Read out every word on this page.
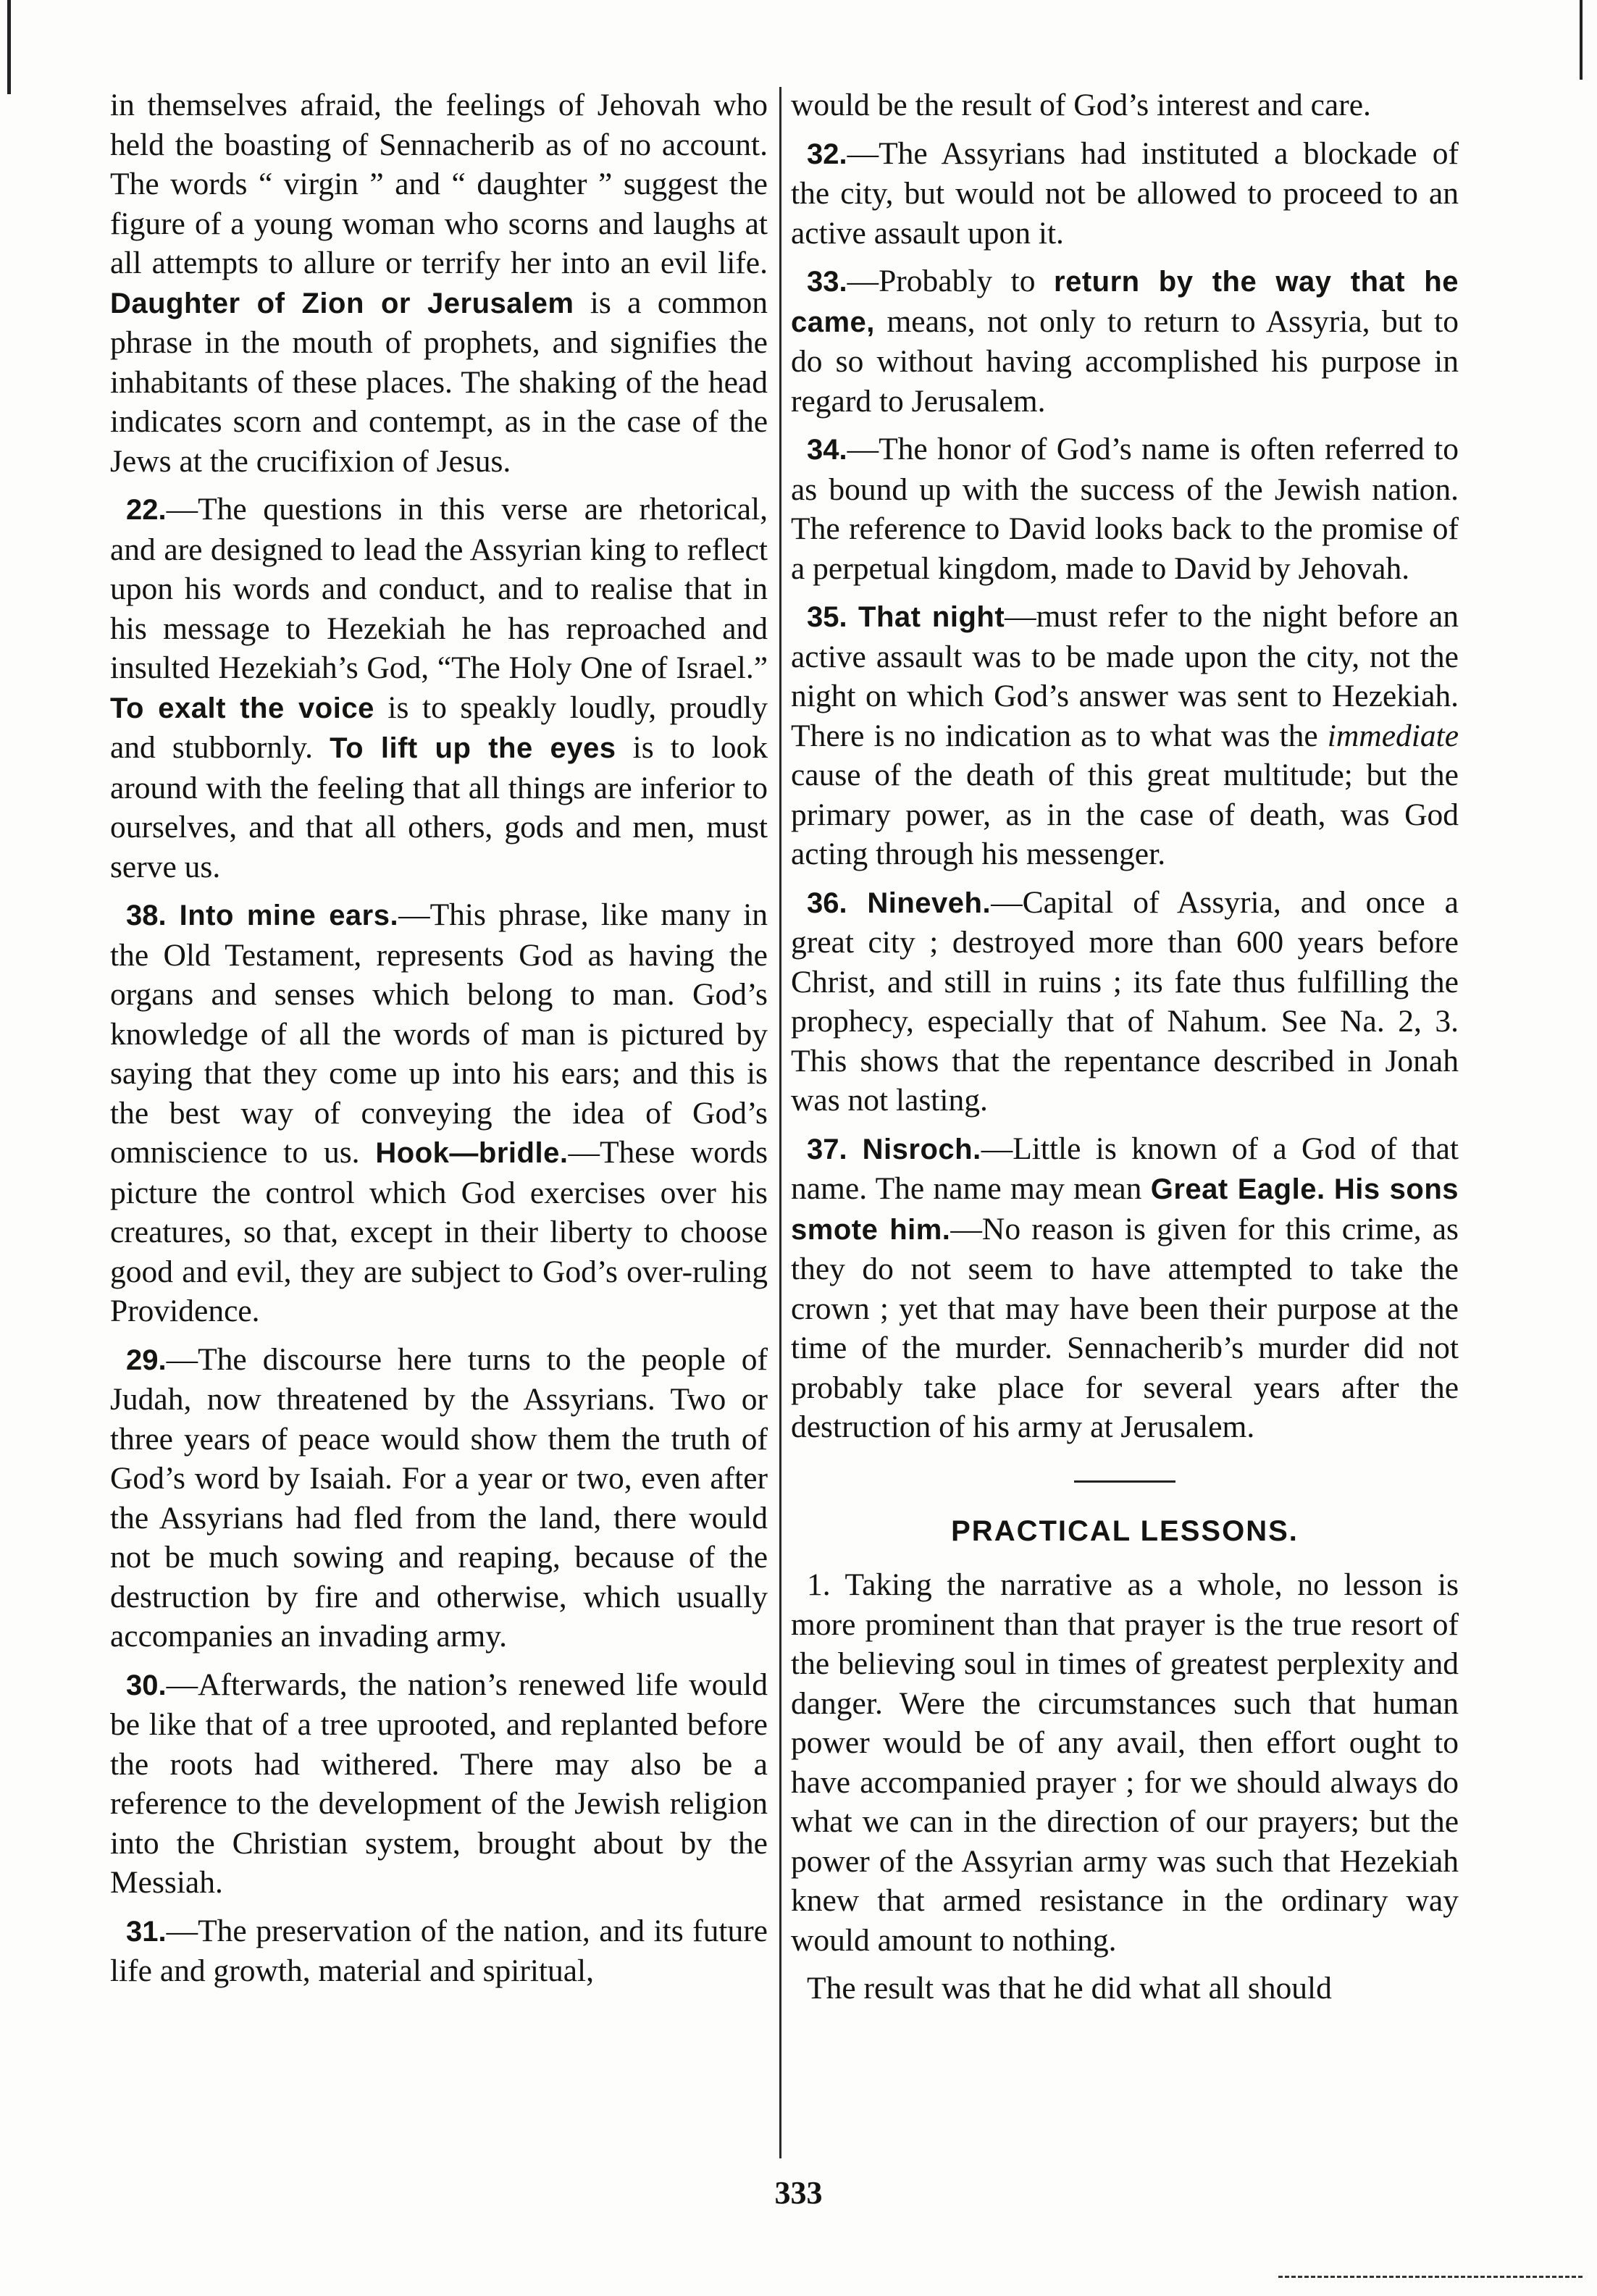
in themselves afraid, the feelings of Jehovah who held the boasting of Sennacherib as of no account. The words “ virgin ” and “ daughter ” suggest the figure of a young woman who scorns and laughs at all attempts to allure or terrify her into an evil life. Daughter of Zion or Jerusalem is a common phrase in the mouth of prophets, and signifies the inhabitants of these places. The shaking of the head indicates scorn and contempt, as in the case of the Jews at the crucifixion of Jesus.

22.—The questions in this verse are rhetorical, and are designed to lead the Assyrian king to reflect upon his words and conduct, and to realise that in his message to Hezekiah he has reproached and insulted Hezekiah’s God, “The Holy One of Israel.” To exalt the voice is to speakly loudly, proudly and stubbornly. To lift up the eyes is to look around with the feeling that all things are inferior to ourselves, and that all others, gods and men, must serve us.

38. Into mine ears.—This phrase, like many in the Old Testament, represents God as having the organs and senses which belong to man. God’s knowledge of all the words of man is pictured by saying that they come up into his ears; and this is the best way of conveying the idea of God’s omniscience to us. Hook—bridle.—These words picture the control which God exercises over his creatures, so that, except in their liberty to choose good and evil, they are subject to God’s over-ruling Providence.

29.—The discourse here turns to the people of Judah, now threatened by the Assyrians. Two or three years of peace would show them the truth of God’s word by Isaiah. For a year or two, even after the Assyrians had fled from the land, there would not be much sowing and reaping, because of the destruction by fire and otherwise, which usually accompanies an invading army.

30.—Afterwards, the nation’s renewed life would be like that of a tree uprooted, and replanted before the roots had withered. There may also be a reference to the development of the Jewish religion into the Christian system, brought about by the Messiah.

31.—The preservation of the nation, and its future life and growth, material and spiritual,

would be the result of God’s interest and care.

32.—The Assyrians had instituted a blockade of the city, but would not be allowed to proceed to an active assault upon it.

33.—Probably to return by the way that he came, means, not only to return to Assyria, but to do so without having accomplished his purpose in regard to Jerusalem.

34.—The honor of God’s name is often referred to as bound up with the success of the Jewish nation. The reference to David looks back to the promise of a perpetual kingdom, made to David by Jehovah.

35. That night—must refer to the night before an active assault was to be made upon the city, not the night on which God’s answer was sent to Hezekiah. There is no indication as to what was the immediate cause of the death of this great multitude; but the primary power, as in the case of death, was God acting through his messenger.

36. Nineveh.—Capital of Assyria, and once a great city ; destroyed more than 600 years before Christ, and still in ruins ; its fate thus fulfilling the prophecy, especially that of Nahum. See Na. 2, 3. This shows that the repentance described in Jonah was not lasting.

37. Nisroch.—Little is known of a God of that name. The name may mean Great Eagle. His sons smote him.—No reason is given for this crime, as they do not seem to have attempted to take the crown ; yet that may have been their purpose at the time of the murder. Sennacherib’s murder did not probably take place for several years after the destruction of his army at Jerusalem.

PRACTICAL LESSONS.

1. Taking the narrative as a whole, no lesson is more prominent than that prayer is the true resort of the believing soul in times of greatest perplexity and danger. Were the circumstances such that human power would be of any avail, then effort ought to have accompanied prayer ; for we should always do what we can in the direction of our prayers; but the power of the Assyrian army was such that Hezekiah knew that armed resistance in the ordinary way would amount to nothing.

The result was that he did what all should

333
